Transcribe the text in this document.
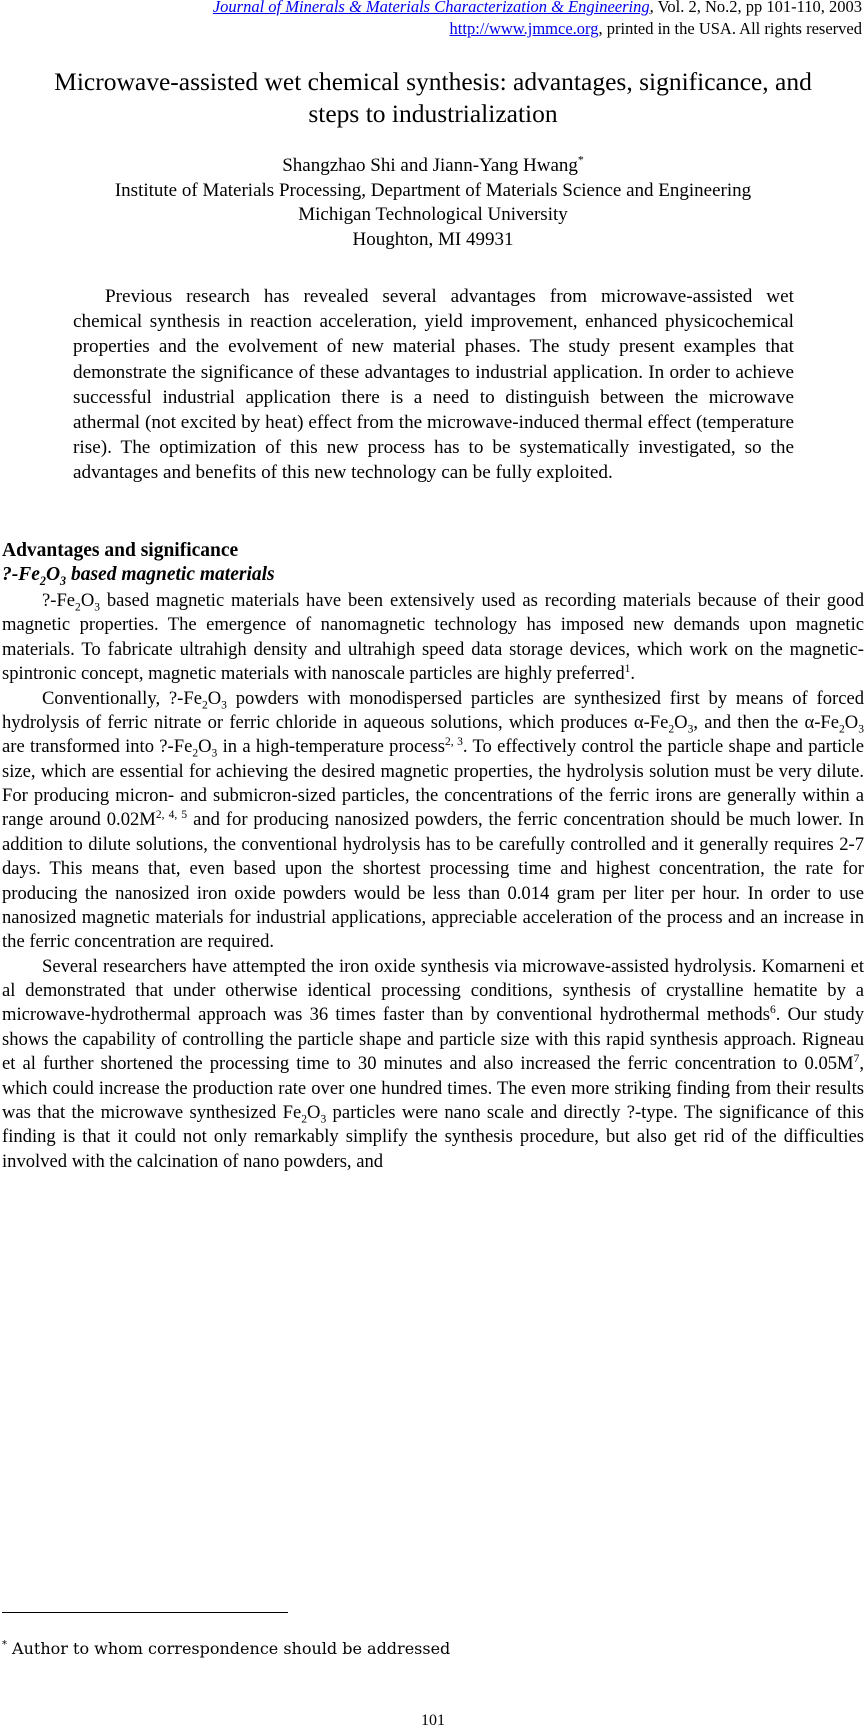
Journal of Minerals & Materials Characterization & Engineering, Vol. 2, No.2, pp 101-110, 2003
http://www.jmmce.org, printed in the USA. All rights reserved
Microwave-assisted wet chemical synthesis: advantages, significance, and
steps to industrialization
Shangzhao Shi and Jiann-Yang Hwang*
Institute of Materials Processing, Department of Materials Science and Engineering
Michigan Technological University
Houghton, MI 49931

Previous research has revealed several advantages from microwave-assisted wet chemical synthesis in reaction acceleration, yield improvement, enhanced physicochemical properties and the evolvement of new material phases. The study present examples that demonstrate the significance of these advantages to industrial application. In order to achieve successful industrial application there is a need to distinguish between the microwave athermal (not excited by heat) effect from the microwave-induced thermal effect (temperature rise). The optimization of this new process has to be systematically investigated, so the advantages and benefits of this new technology can be fully exploited.

Advantages and significance
$?-Fe_2O_3$ based magnetic materials

$?-Fe_2O_3$ based magnetic materials have been extensively used as recording materials because of their good magnetic properties. The emergence of nanomagnetic technology has imposed new demands upon magnetic materials. To fabricate ultrahigh density and ultrahigh speed data storage devices, which work on the magnetic-spintronic concept, magnetic materials with nanoscale particles are highly preferred$^1$.

Conventionally, $?-Fe_2O_3$ powders with monodispersed particles are synthesized first by means of forced hydrolysis of ferric nitrate or ferric chloride in aqueous solutions, which produces $\alpha-Fe_2O_3$, and then the $\alpha-Fe_2O_3$ are transformed into $?-Fe_2O_3$ in a high-temperature process$^{2, 3}$. To effectively control the particle shape and particle size, which are essential for achieving the desired magnetic properties, the hydrolysis solution must be very dilute. For producing micron- and submicron-sized particles, the concentrations of the ferric irons are generally within a range around $0.02M^{2, 4, 5}$ and for producing nanosized powders, the ferric concentration should be much lower. In addition to dilute solutions, the conventional hydrolysis has to be carefully controlled and it generally requires 2-7 days. This means that, even based upon the shortest processing time and highest concentration, the rate for producing the nanosized iron oxide powders would be less than 0.014 gram per liter per hour. In order to use nanosized magnetic materials for industrial applications, appreciable acceleration of the process and an increase in the ferric concentration are required.

Several researchers have attempted the iron oxide synthesis via microwave-assisted hydrolysis. Komarneni et al demonstrated that under otherwise identical processing conditions, synthesis of crystalline hematite by a microwave-hydrothermal approach was 36 times faster than by conventional hydrothermal methods$^6$. Our study shows the capability of controlling the particle shape and particle size with this rapid synthesis approach. Rigneau et al further shortened the processing time to 30 minutes and also increased the ferric concentration to $0.05M^7$, which could increase the production rate over one hundred times. The even more striking finding from their results was that the microwave synthesized $Fe_2O_3$ particles were nano scale and directly ?-type. The significance of this finding is that it could not only remarkably simplify the synthesis procedure, but also get rid of the difficulties involved with the calcination of nano powders, and

* Author to whom correspondence should be addressed
101
